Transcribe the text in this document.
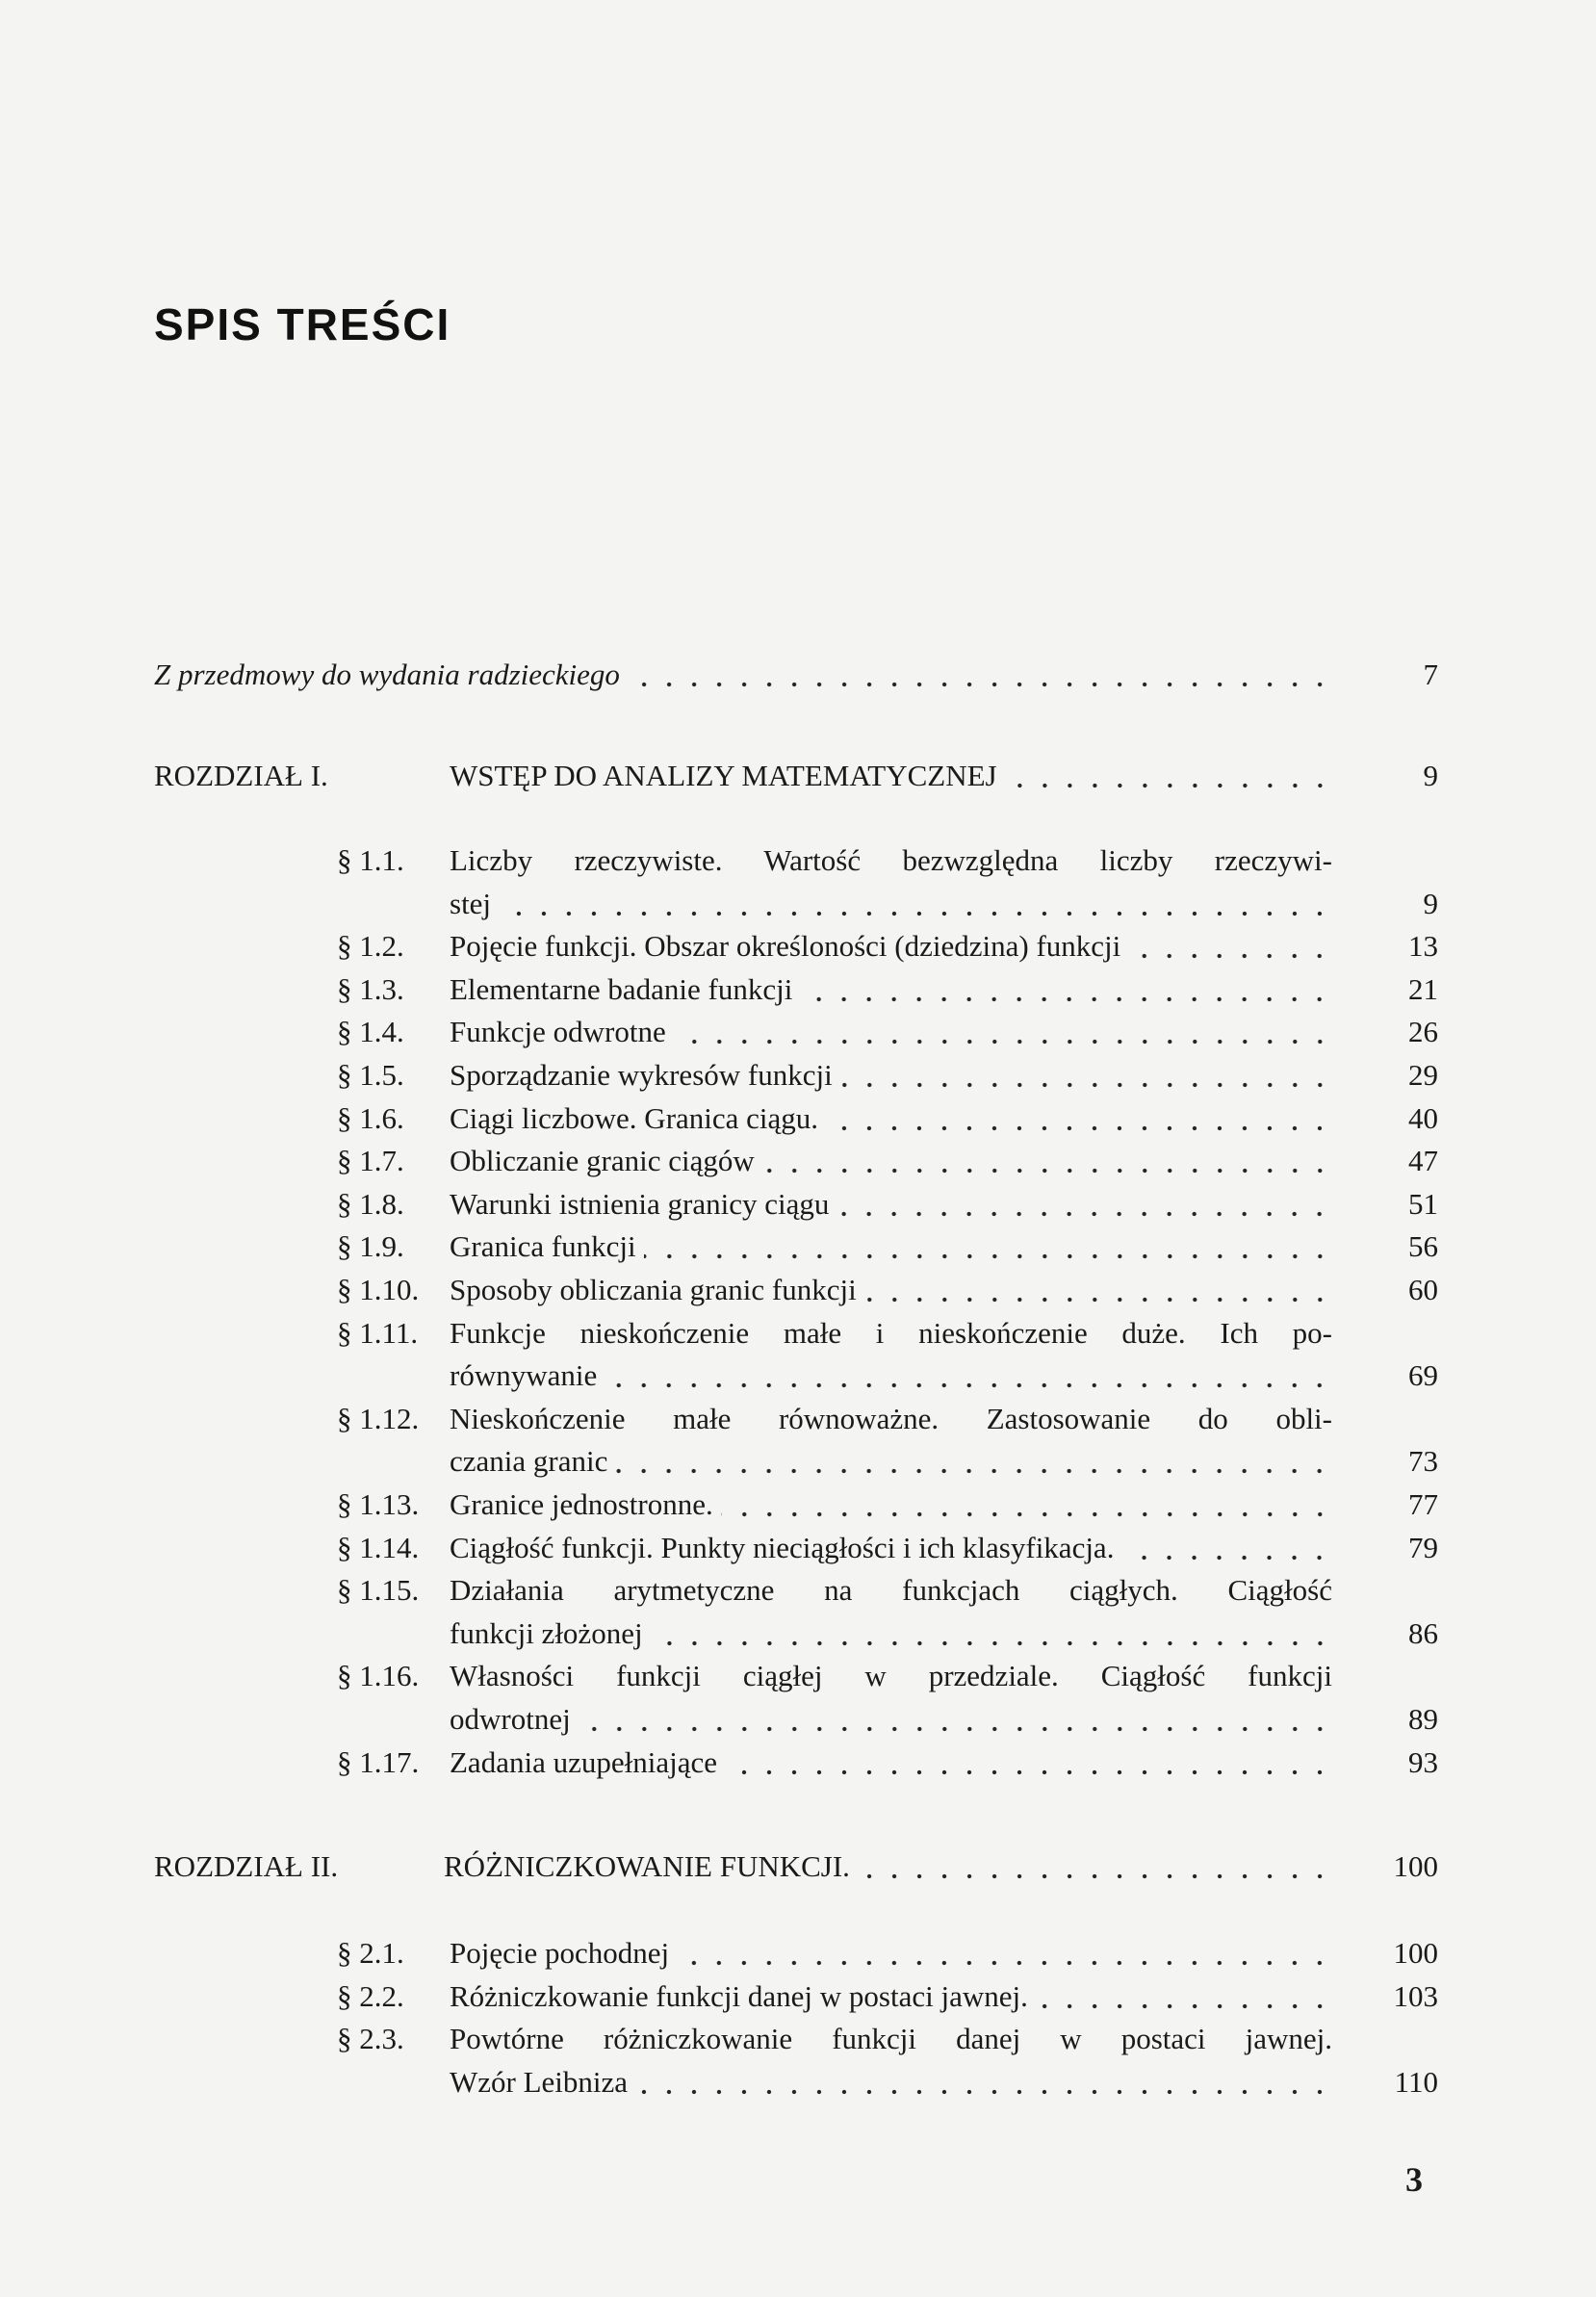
SPIS TREŚCI
Z przedmowy do wydania radzieckiego	7
ROZDZIAŁ I.	WSTĘP DO ANALIZY MATEMATYCZNEJ	9
§ 1.1. Liczby rzeczywiste. Wartość bezwzględna liczby rzeczywi-
stej	9
§ 1.2. Pojęcie funkcji. Obszar określoności (dziedzina) funkcji	13
§ 1.3. Elementarne badanie funkcji	21
§ 1.4. Funkcje odwrotne	26
§ 1.5. Sporządzanie wykresów funkcji	29
§ 1.6. Ciągi liczbowe. Granica ciągu.	40
§ 1.7. Obliczanie granic ciągów	47
§ 1.8. Warunki istnienia granicy ciągu	51
§ 1.9. Granica funkcji	56
§ 1.10. Sposoby obliczania granic funkcji	60
§ 1.11. Funkcje nieskończenie małe i nieskończenie duże. Ich po-
równywanie	69
§ 1.12. Nieskończenie małe równoważne. Zastosowanie do obli-
czania granic	73
§ 1.13. Granice jednostronne.	77
§ 1.14. Ciągłość funkcji. Punkty nieciągłości i ich klasyfikacja.	79
§ 1.15. Działania arytmetyczne na funkcjach ciągłych. Ciągłość
funkcji złożonej	86
§ 1.16. Własności funkcji ciągłej w przedziale. Ciągłość funkcji
odwrotnej	89
§ 1.17. Zadania uzupełniające	93
ROZDZIAŁ II.	RÓŻNICZKOWANIE FUNKCJI.	100
§ 2.1. Pojęcie pochodnej	100
§ 2.2. Różniczkowanie funkcji danej w postaci jawnej.	103
§ 2.3. Powtórne różniczkowanie funkcji danej w postaci jawnej.
Wzór Leibniza	110
3
